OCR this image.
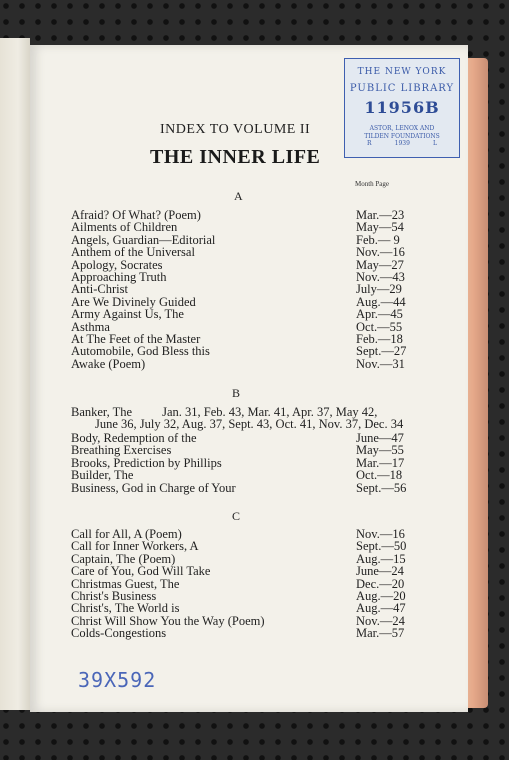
THE NEW YORK
PUBLIC LIBRARY
11956B
ASTOR, LENOX AND
TILDEN FOUNDATIONS
R	1939	L
INDEX TO VOLUME II
THE INNER LIFE
Month Page
A
Afraid? Of What? (Poem)	Mar.—23
Ailments of Children	May—54
Angels, Guardian—Editorial	Feb.— 9
Anthem of the Universal	Nov.—16
Apology, Socrates	May—27
Approaching Truth	Nov.—43
Anti-Christ	July—29
Are We Divinely Guided	Aug.—44
Army Against Us, The	Apr.—45
Asthma	Oct.—55
At The Feet of the Master	Feb.—18
Automobile, God Bless this	Sept.—27
Awake (Poem)	Nov.—31
B
Banker, The Jan. 31, Feb. 43, Mar. 41, Apr. 37, May 42,
June 36, July 32, Aug. 37, Sept. 43, Oct. 41, Nov. 37, Dec. 34
Body, Redemption of the	June—47
Breathing Exercises	May—55
Brooks, Prediction by Phillips	Mar.—17
Builder, The	Oct.—18
Business, God in Charge of Your	Sept.—56
C
Call for All, A (Poem)	Nov.—16
Call for Inner Workers, A	Sept.—50
Captain, The (Poem)	Aug.—15
Care of You, God Will Take	June—24
Christmas Guest, The	Dec.—20
Christ's Business	Aug.—20
Christ's, The World is	Aug.—47
Christ Will Show You the Way (Poem)	Nov.—24
Colds-Congestions	Mar.—57
39X592
